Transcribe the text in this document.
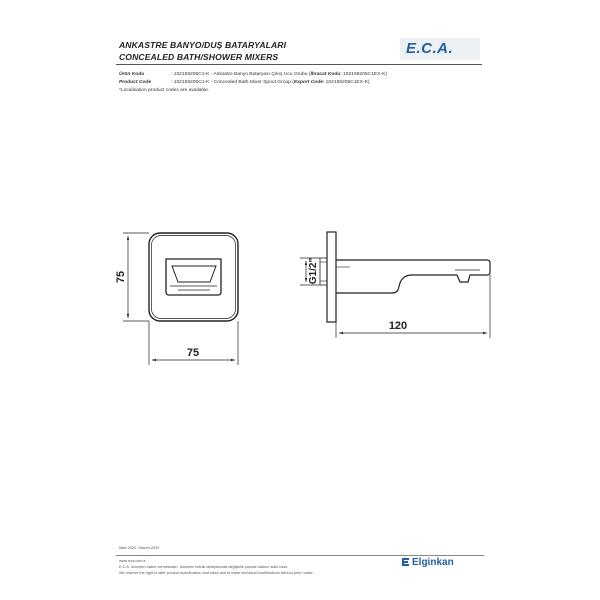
ANKASTRE BANYO/DUŞ BATARYALARI
CONCEALED BATH/SHOWER MIXERS	E.C.A.
Ürün Kodu	: 102159205C1-K - Ankastre Banyo Bataryası Çıkış Ucu Grubu (İhracat Kodu: 102159205C1EX-K)
Product Code	: 102159205C1-K - Concealed Bath Mixer Spout Group (Export Code: 102159205C1EX-K)
*Localisation product codes are available.
75
75
G1/2"
120
Mart 2020 / March 2020
www.eca.com.tr
E.C.A. önceden haber vermeksizin, ürünlerin teknik detaylarında değişiklik yapma hakkını saklı tutar.
We reserve the right to alter product specification and sizes and to make technical modifications without prior notice.
Elginkan
